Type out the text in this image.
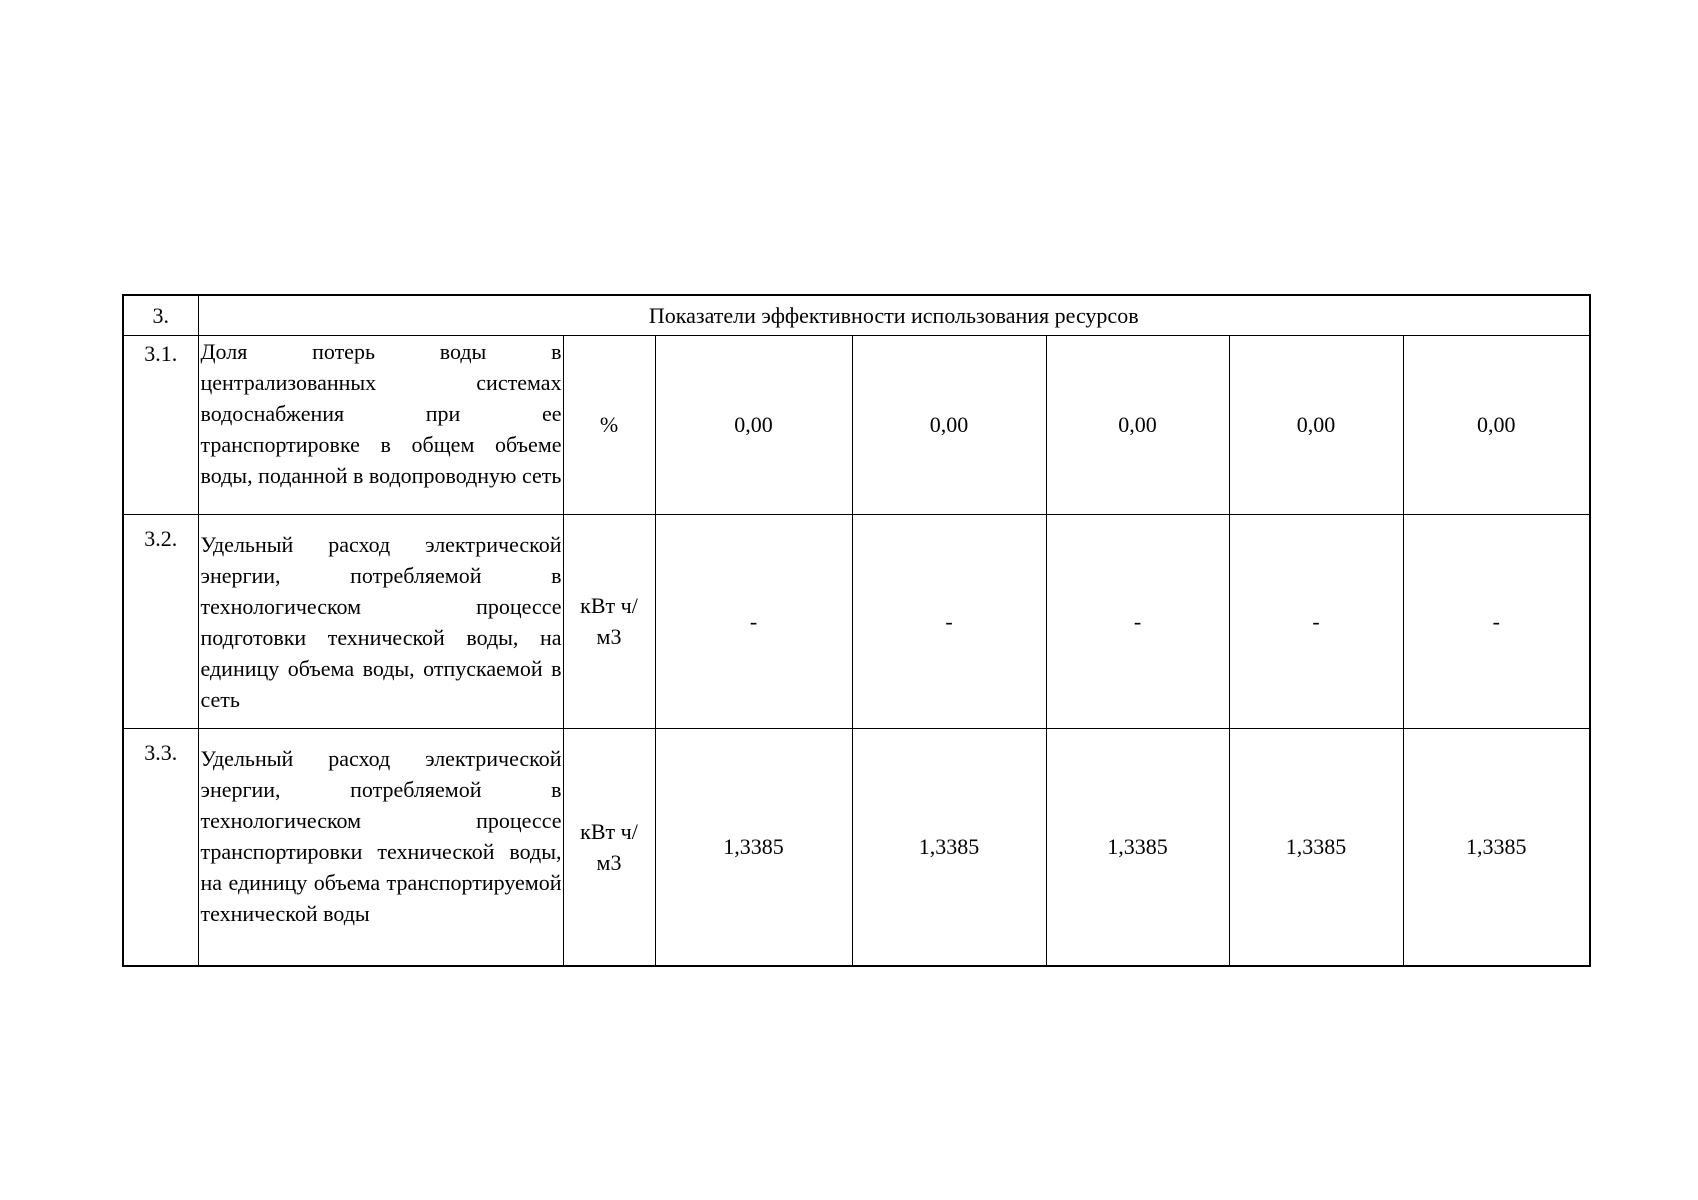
3.	Показатели эффективности использования ресурсов						
3.1.	Доля потерь воды в централизованных системах водоснабжения при ее транспортировке в общем объеме воды, поданной в водопроводную сеть	%	0,00	0,00	0,00	0,00	0,00
3.2.	Удельный расход электрической энергии, потребляемой в технологическом процессе подготовки технической воды, на единицу объема воды, отпускаемой в сеть	кВт ч/м3	-	-	-	-	-
3.3.	Удельный расход электрической энергии, потребляемой в технологическом процессе транспортировки технической воды, на единицу объема транспортируемой технической воды	кВт ч/м3	1,3385	1,3385	1,3385	1,3385	1,3385
